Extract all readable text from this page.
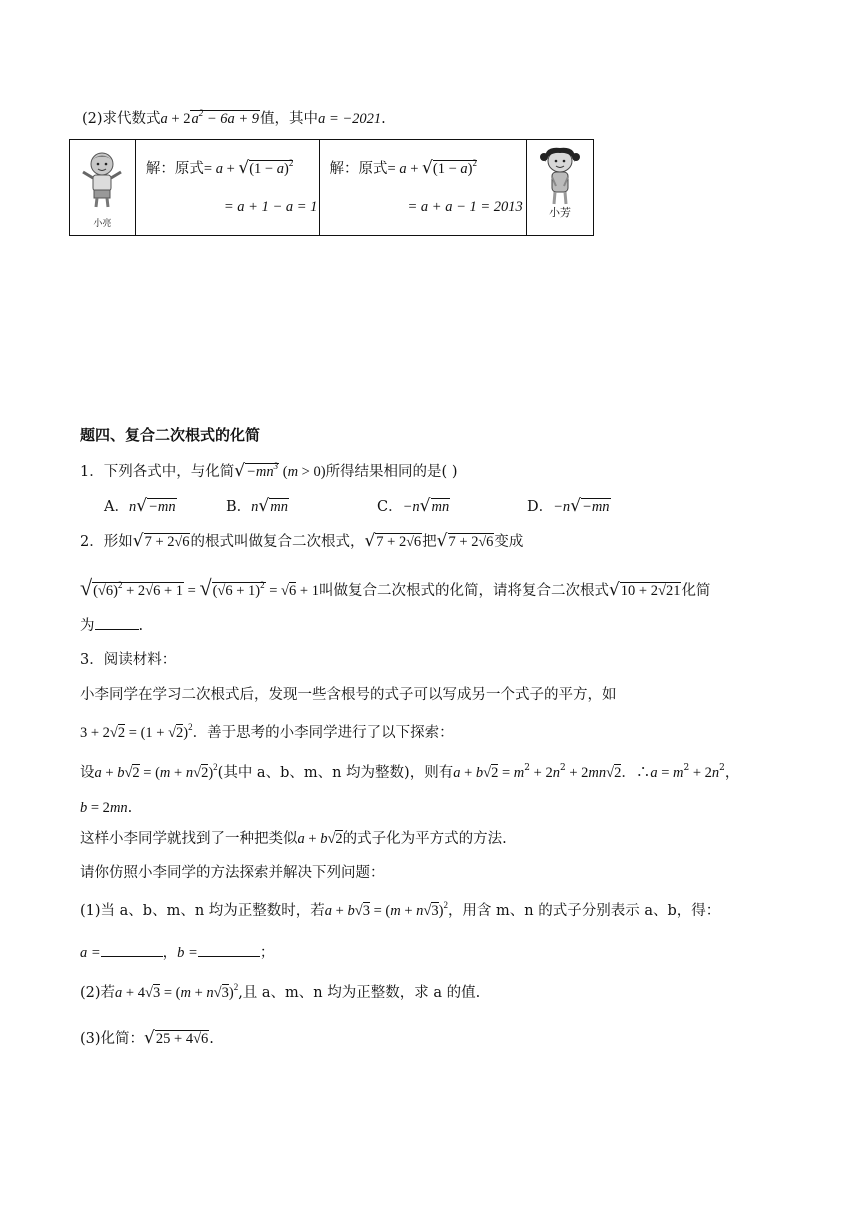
(2)求代数式$a + 2a^2 - 6a + 9$值，其中a = −2021.
小亮

解：原式= $a + √(1 - a)^2$
= a + 1 − a = 1

解：原式= $a + √(1 - a)^2$
= a + a − 1 = 2013	小芳
题四、复合二次根式的化简
1．下列各式中，与化简$√-mn^3$ (m > 0)所得结果相同的是( )
A．n√−mn	B．n√mn	C．−n√mn	D．−n√−mn
2．形如√7 + 2√6的根式叫做复合二次根式，√7 + 2√6把√7 + 2√6变成
$√(√6)^2 + 2√6 + 1 = √(√6 + 1)^2 = √6 + 1$叫做复合二次根式的化简，请将复合二次根式√10 + 2√21化简
为	.
3．阅读材料：
小李同学在学习二次根式后，发现一些含根号的式子可以写成另一个式子的平方，如
$3 + 2√2 = (1 + √2)^2$．善于思考的小李同学进行了以下探索：
设$a + b√2 = (m + n√2)^2$(其中 a、b、m、n 均为整数)，则有$a + b√2 = m^2 + 2n^2 + 2mn√2$．∴a = $m^2 + 2n^2$，
b = 2mn.
这样小李同学就找到了一种把类似a + b√2的式子化为平方式的方法.
请你仿照小李同学的方法探索并解决下列问题：
(1)当 a、b、m、n 均为正整数时，若$a + b√3 = (m + n√3)^2$，用含 m、n 的式子分别表示 a、b，得：
a =	，b =	；
(2)若$a + 4√3 = (m + n√3)^2$,且 a、m、n 均为正整数，求 a 的值.
(3)化简：√25 + 4√6.
